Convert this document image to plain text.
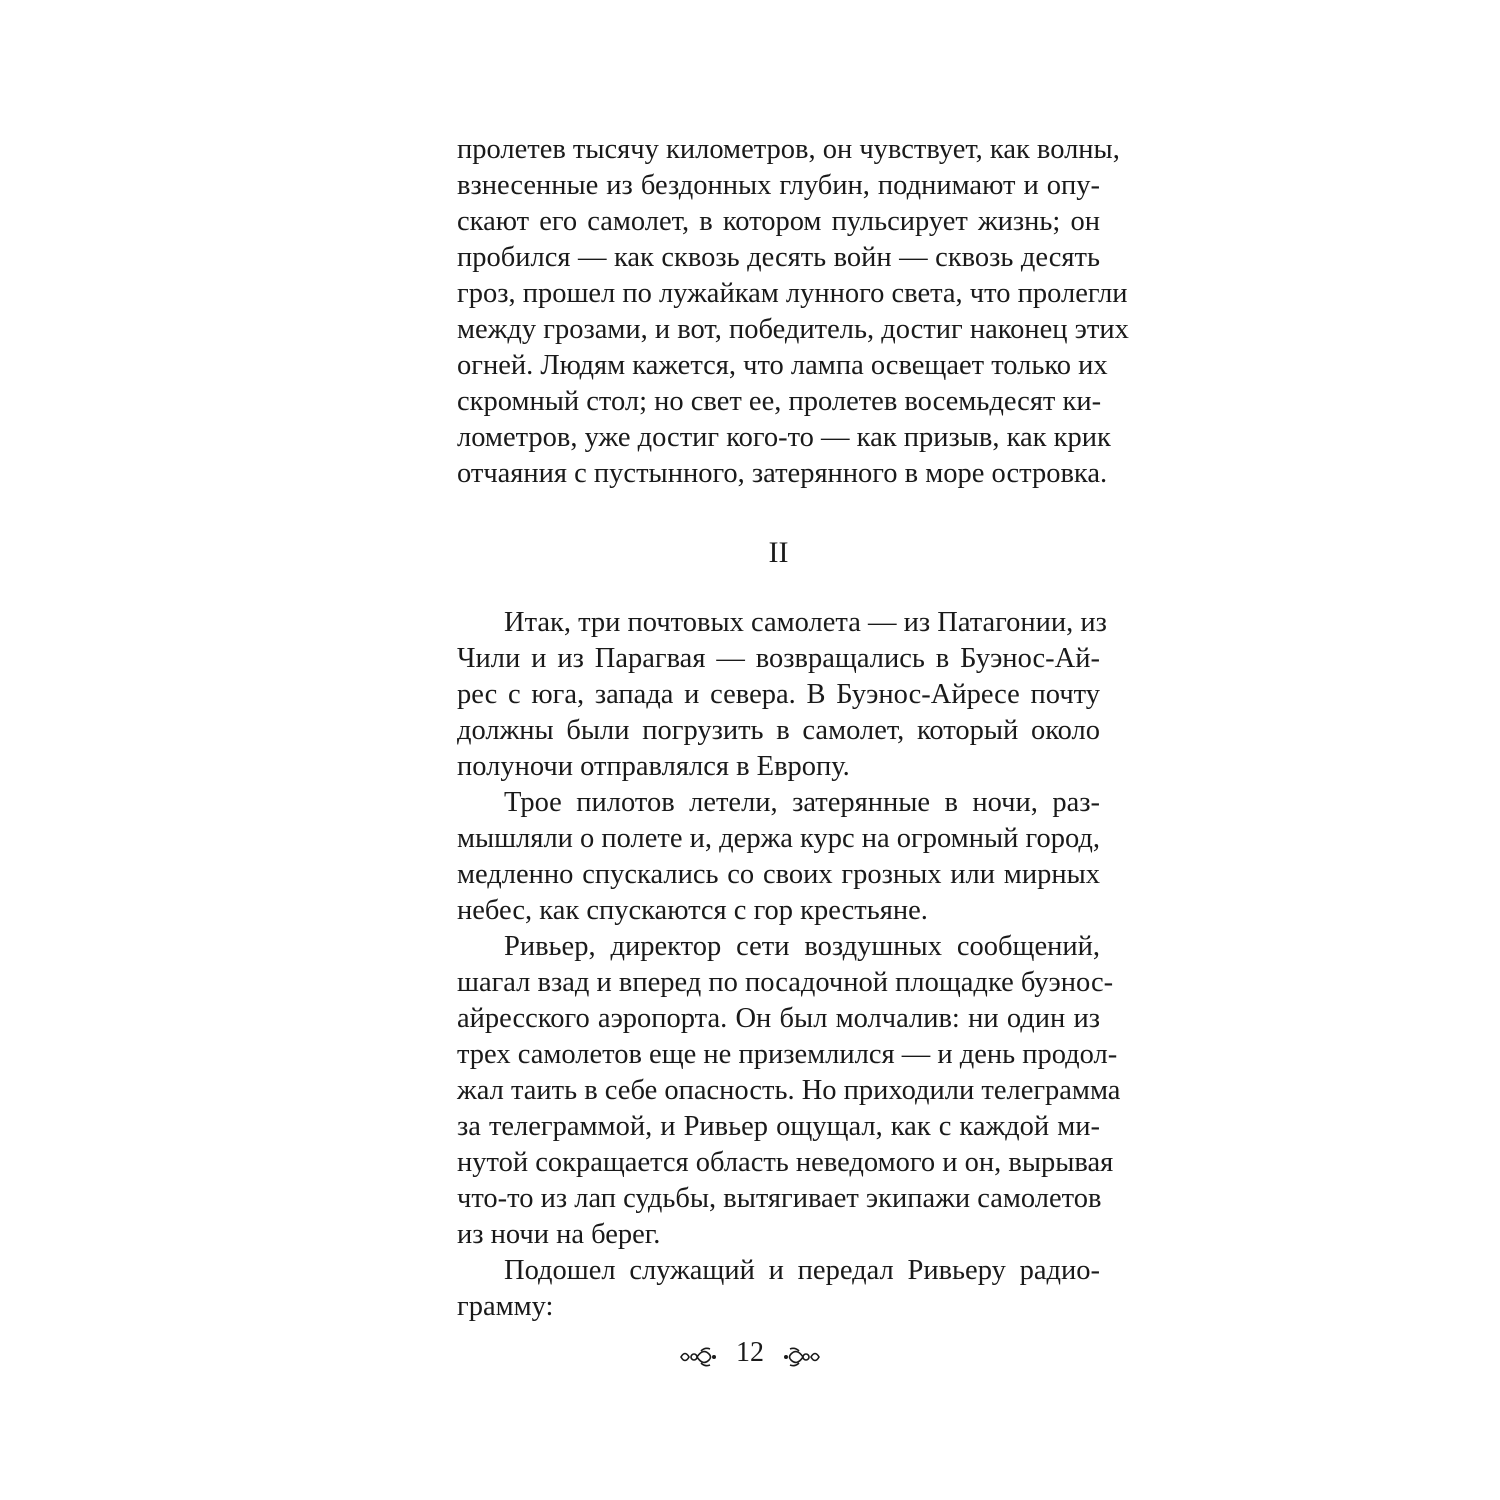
пролетев тысячу километров, он чувствует, как волны,
взнесенные из бездонных глубин, поднимают и опу-
скают его самолет, в котором пульсирует жизнь; он
пробился — как сквозь десять войн — сквозь десять
гроз, прошел по лужайкам лунного света, что пролегли
между грозами, и вот, победитель, достиг наконец этих
огней. Людям кажется, что лампа освещает только их
скромный стол; но свет ее, пролетев восемьдесят ки-
лометров, уже достиг кого-то — как призыв, как крик
отчаяния с пустынного, затерянного в море островка.
II
Итак, три почтовых самолета — из Патагонии, из
Чили и из Парагвая — возвращались в Буэнос-Ай-
рес с юга, запада и севера. В Буэнос-Айресе почту
должны были погрузить в самолет, который около
полуночи отправлялся в Европу.
Трое пилотов летели, затерянные в ночи, раз-
мышляли о полете и, держа курс на огромный город,
медленно спускались со своих грозных или мирных
небес, как спускаются с гор крестьяне.
Ривьер, директор сети воздушных сообщений,
шагал взад и вперед по посадочной площадке буэнос-
айресского аэропорта. Он был молчалив: ни один из
трех самолетов еще не приземлился — и день продол-
жал таить в себе опасность. Но приходили телеграмма
за телеграммой, и Ривьер ощущал, как с каждой ми-
нутой сокращается область неведомого и он, вырывая
что-то из лап судьбы, вытягивает экипажи самолетов
из ночи на берег.
Подошел служащий и передал Ривьеру радио-
грамму:
12
